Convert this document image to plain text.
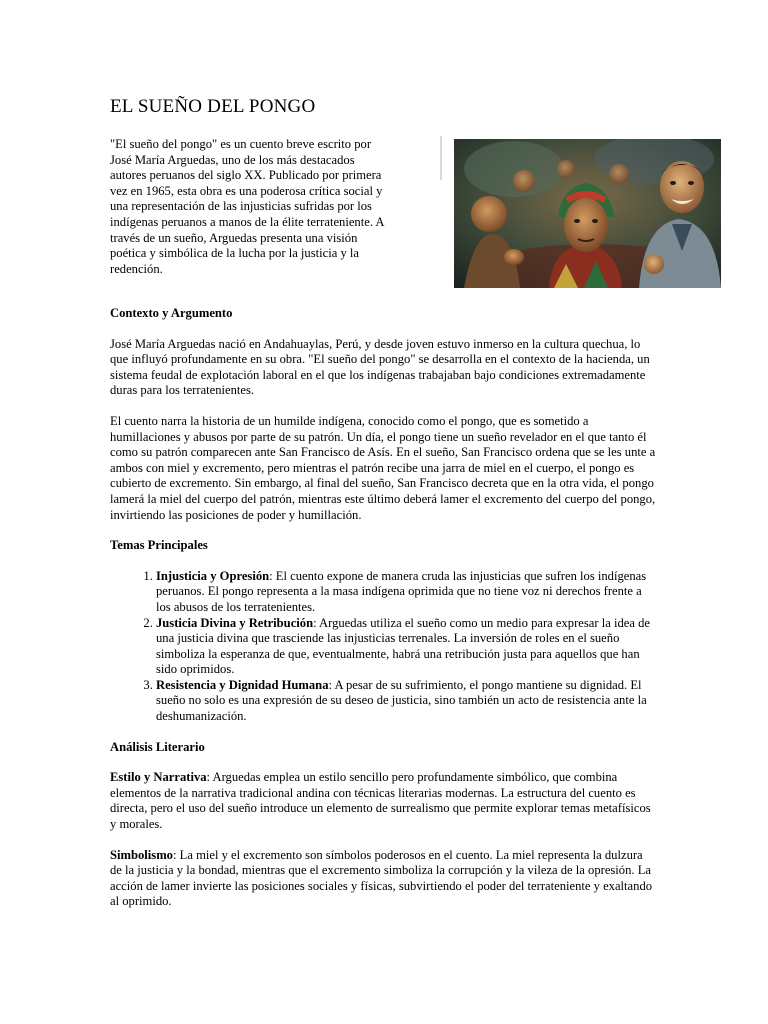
EL SUEÑO DEL PONGO

"El sueño del pongo" es un cuento breve escrito por José María Arguedas, uno de los más destacados autores peruanos del siglo XX. Publicado por primera vez en 1965, esta obra es una poderosa crítica social y una representación de las injusticias sufridas por los indígenas peruanos a manos de la élite terrateniente. A través de un sueño, Arguedas presenta una visión poética y simbólica de la lucha por la justicia y la redención.

Contexto y Argumento

José María Arguedas nació en Andahuaylas, Perú, y desde joven estuvo inmerso en la cultura quechua, lo que influyó profundamente en su obra. "El sueño del pongo" se desarrolla en el contexto de la hacienda, un sistema feudal de explotación laboral en el que los indígenas trabajaban bajo condiciones extremadamente duras para los terratenientes.

El cuento narra la historia de un humilde indígena, conocido como el pongo, que es sometido a humillaciones y abusos por parte de su patrón. Un día, el pongo tiene un sueño revelador en el que tanto él como su patrón comparecen ante San Francisco de Asís. En el sueño, San Francisco ordena que se les unte a ambos con miel y excremento, pero mientras el patrón recibe una jarra de miel en el cuerpo, el pongo es cubierto de excremento. Sin embargo, al final del sueño, San Francisco decreta que en la otra vida, el pongo lamerá la miel del cuerpo del patrón, mientras este último deberá lamer el excremento del cuerpo del pongo, invirtiendo las posiciones de poder y humillación.

Temas Principales
1. Injusticia y Opresión: El cuento expone de manera cruda las injusticias que sufren los indígenas peruanos. El pongo representa a la masa indígena oprimida que no tiene voz ni derechos frente a los abusos de los terratenientes.
2. Justicia Divina y Retribución: Arguedas utiliza el sueño como un medio para expresar la idea de una justicia divina que trasciende las injusticias terrenales. La inversión de roles en el sueño simboliza la esperanza de que, eventualmente, habrá una retribución justa para aquellos que han sido oprimidos.
3. Resistencia y Dignidad Humana: A pesar de su sufrimiento, el pongo mantiene su dignidad. El sueño no solo es una expresión de su deseo de justicia, sino también un acto de resistencia ante la deshumanización.
Análisis Literario

Estilo y Narrativa: Arguedas emplea un estilo sencillo pero profundamente simbólico, que combina elementos de la narrativa tradicional andina con técnicas literarias modernas. La estructura del cuento es directa, pero el uso del sueño introduce un elemento de surrealismo que permite explorar temas metafísicos y morales.

Simbolismo: La miel y el excremento son símbolos poderosos en el cuento. La miel representa la dulzura de la justicia y la bondad, mientras que el excremento simboliza la corrupción y la vileza de la opresión. La acción de lamer invierte las posiciones sociales y físicas, subvirtiendo el poder del terrateniente y exaltando al oprimido.
